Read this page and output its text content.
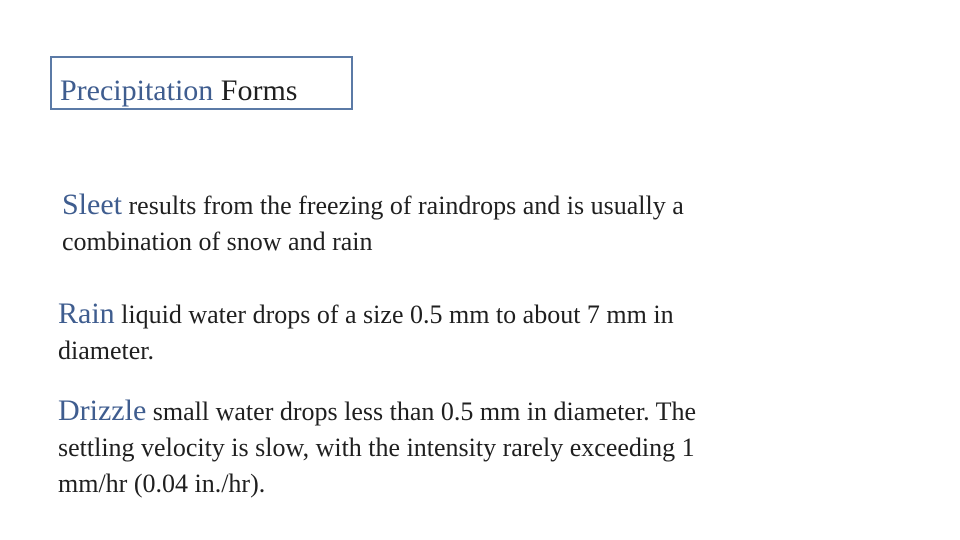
Precipitation Forms
Sleet results from the freezing of raindrops and is usually a
combination of snow and rain
Rain liquid water drops of a size 0.5 mm to about 7 mm in
diameter.
Drizzle small water drops less than 0.5 mm in diameter. The
settling velocity is slow, with the intensity rarely exceeding 1
mm/hr (0.04 in./hr).
